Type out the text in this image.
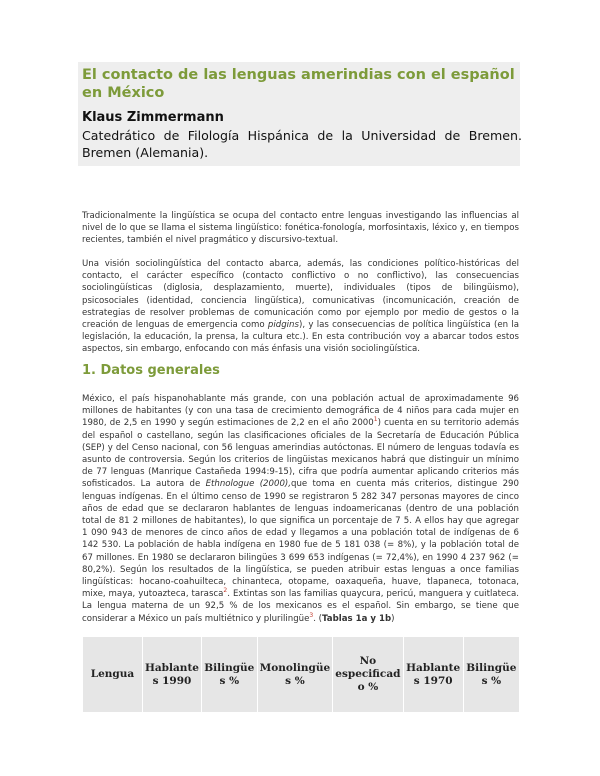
El contacto de las lenguas amerindias con el español en México
Klaus Zimmermann
Catedrático de Filología Hispánica de la Universidad de Bremen. Bremen (Alemania).

Tradicionalmente la lingüística se ocupa del contacto entre lenguas investigando las influencias al nivel de lo que se llama el sistema lingüístico: fonética-fonología, morfosintaxis, léxico y, en tiempos recientes, también el nivel pragmático y discursivo-textual.

Una visión sociolingüística del contacto abarca, además, las condiciones político-históricas del contacto, el carácter específico (contacto conflictivo o no conflictivo), las consecuencias sociolingüísticas (diglosia, desplazamiento, muerte), individuales (tipos de bilingüismo), psicosociales (identidad, conciencia lingüística), comunicativas (incomunicación, creación de estrategias de resolver problemas de comunicación como por ejemplo por medio de gestos o la creación de lenguas de emergencia como pidgins), y las consecuencias de política lingüística (en la legislación, la educación, la prensa, la cultura etc.). En esta contribución voy a abarcar todos estos aspectos, sin embargo, enfocando con más énfasis una visión sociolingüística.

1. Datos generales

México, el país hispanohablante más grande, con una población actual de aproximadamente 96 millones de habitantes (y con una tasa de crecimiento demográfica de 4 niños para cada mujer en 1980, de 2,5 en 1990 y según estimaciones de 2,2 en el año 2000$^1$) cuenta en su territorio además del español o castellano, según las clasificaciones oficiales de la Secretaría de Educación Pública (SEP) y del Censo nacional, con 56 lenguas amerindias autóctonas. El número de lenguas todavía es asunto de controversia. Según los criterios de lingüistas mexicanos habrá que distinguir un mínimo de 77 lenguas (Manrique Castañeda 1994:9-15), cifra que podría aumentar aplicando criterios más sofisticados. La autora de Ethnologue (2000),que toma en cuenta más criterios, distingue 290 lenguas indígenas. En el último censo de 1990 se registraron 5 282 347 personas mayores de cinco años de edad que se declararon hablantes de lenguas indoamericanas (dentro de una población total de 81 2 millones de habitantes), lo que significa un porcentaje de 7 5. A ellos hay que agregar 1 090 943 de menores de cinco años de edad y llegamos a una población total de indígenas de 6 142 530. La población de habla indígena en 1980 fue de 5 181 038 (= 8%), y la población total de 67 millones. En 1980 se declararon bilingües 3 699 653 indígenas (= 72,4%), en 1990 4 237 962 (= 80,2%). Según los resultados de la lingüística, se pueden atribuir estas lenguas a once familias lingüísticas: hocano-coahuilteca, chinanteca, otopame, oaxaqueña, huave, tlapaneca, totonaca, mixe, maya, yutoazteca, tarasca$^2$. Extintas son las familias quaycura, pericú, manguera y cuitlateca. La lengua materna de un 92,5 % de los mexicanos es el español. Sin embargo, se tiene que considerar a México un país multiétnico y plurilingüe$^3$. (Tablas 1a y 1b)

Lengua	Hablante s 1990	Bilingüe s %	Monolingüe s %	No especificad o %	Hablante s 1970	Bilingüe s %
